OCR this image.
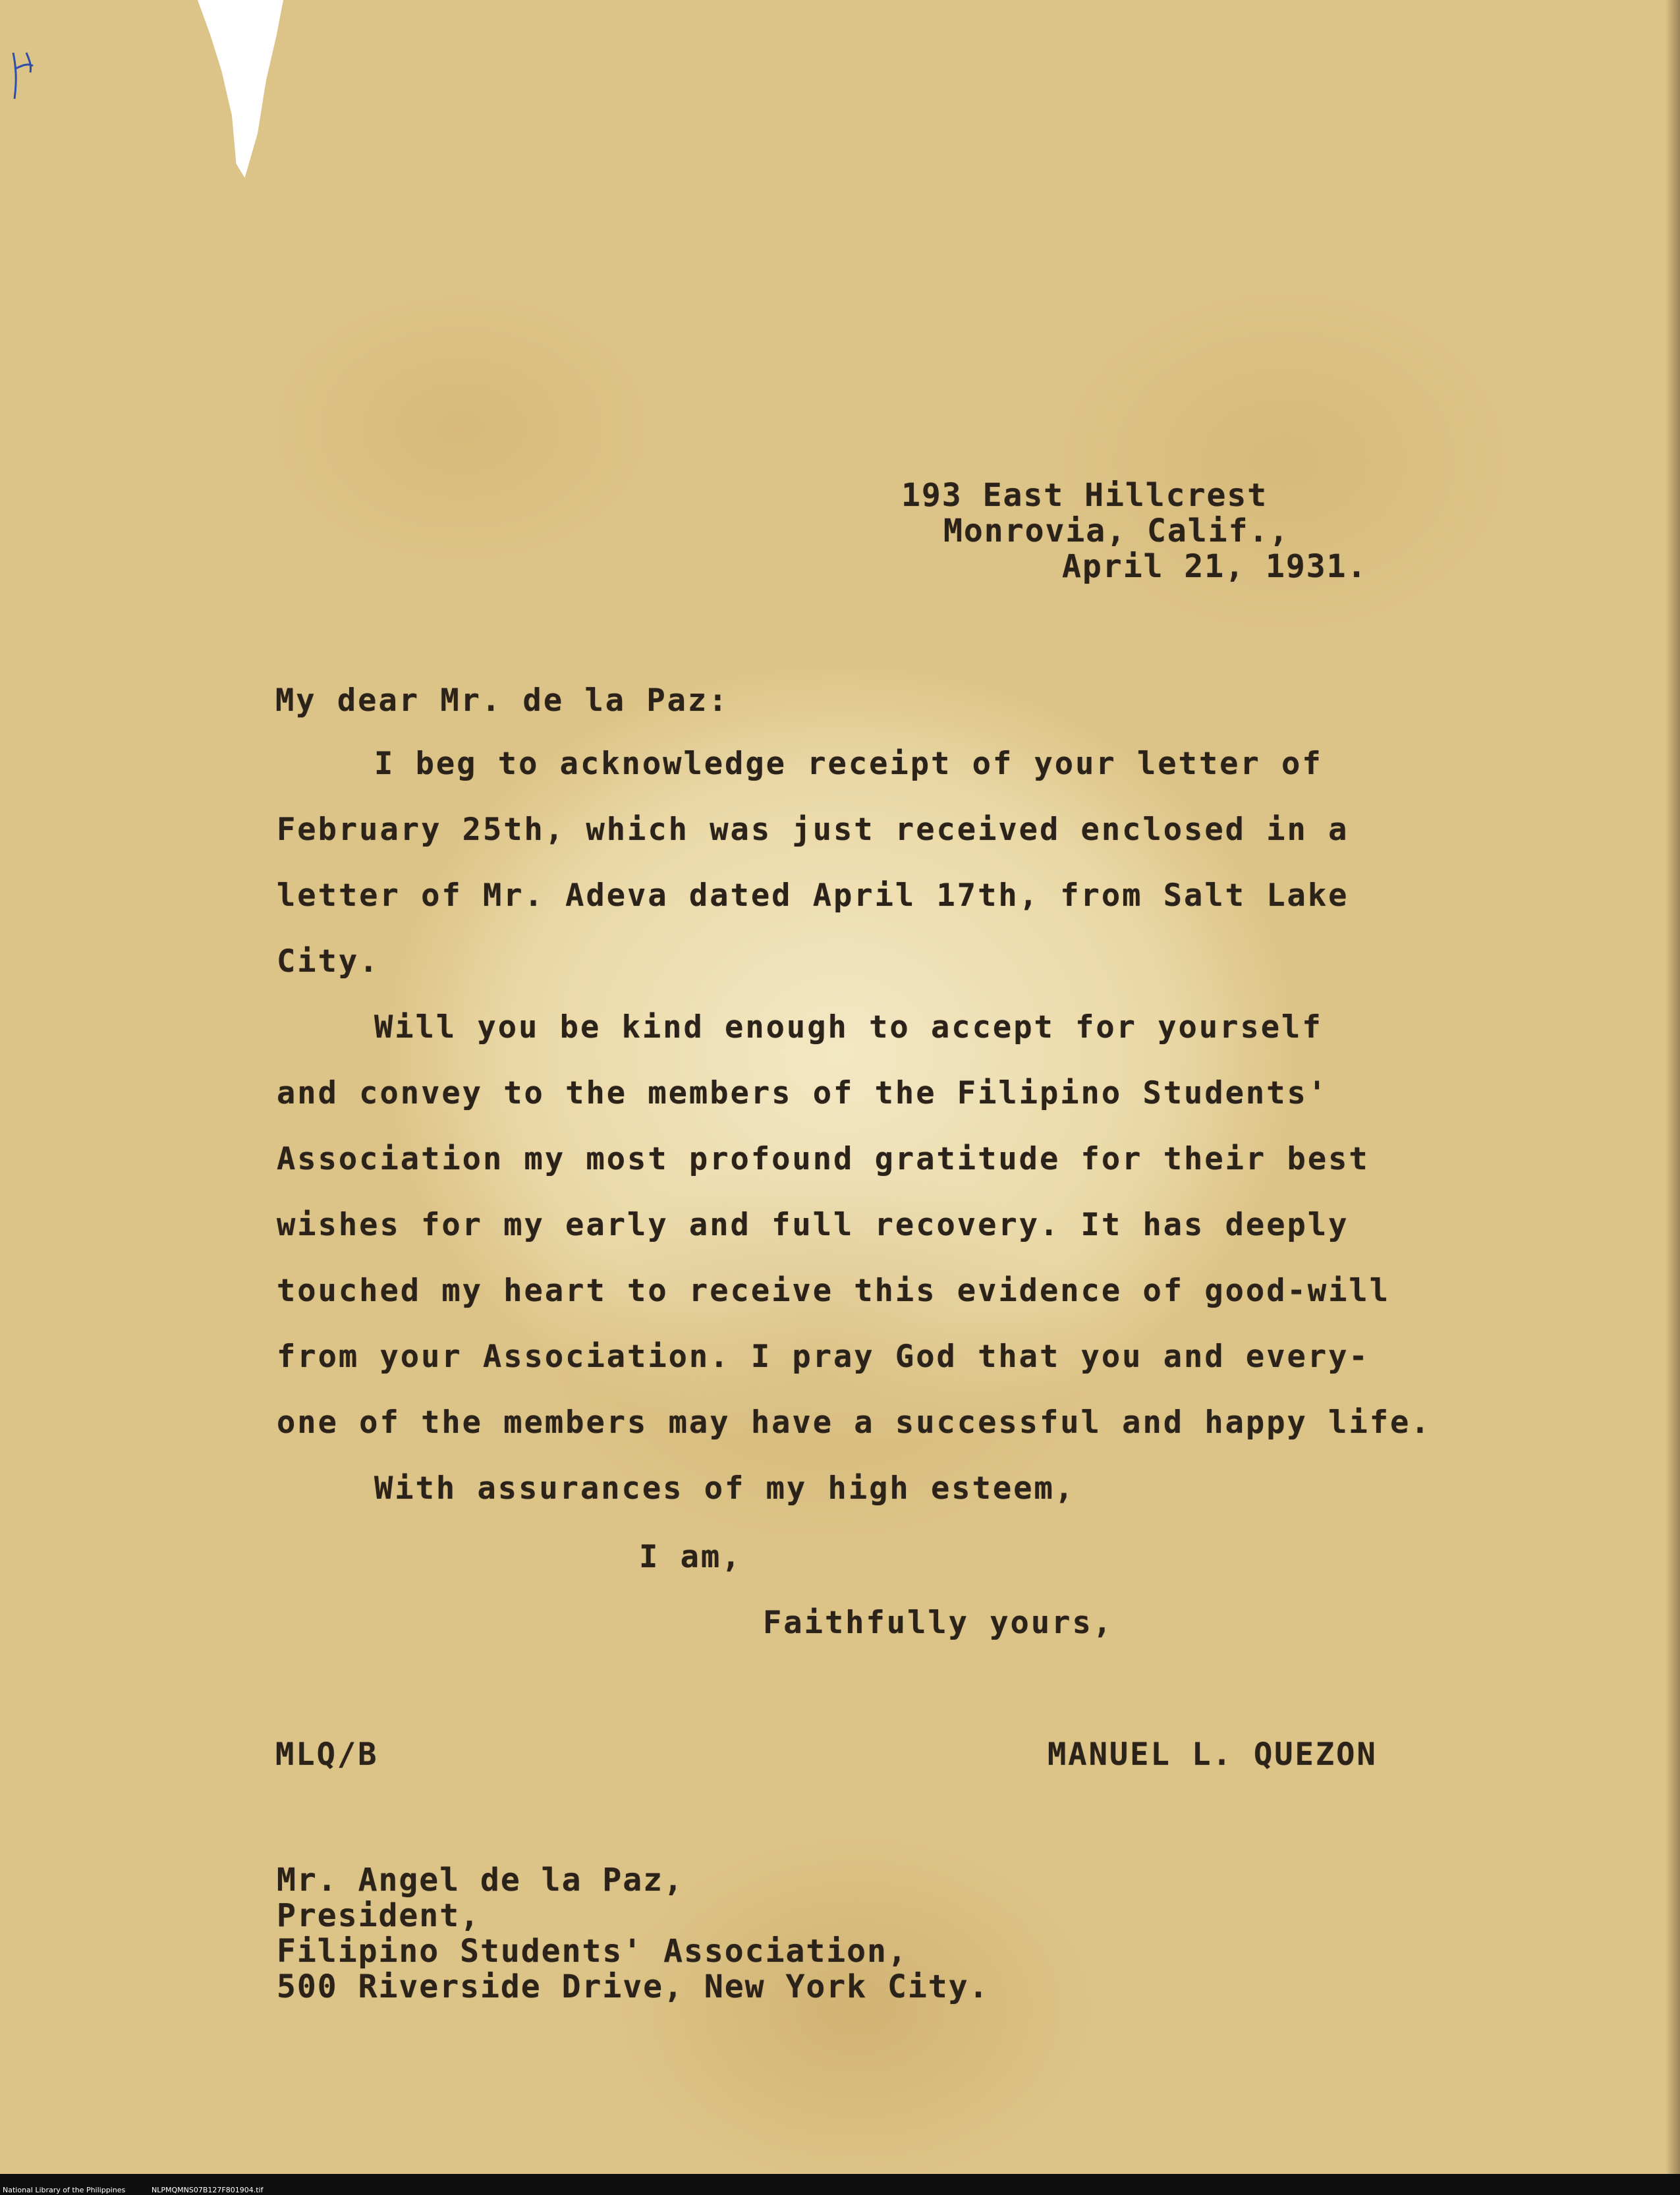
193 East Hillcrest
Monrovia, Calif.,
April 21, 1931.
My dear Mr. de la Paz:
I beg to acknowledge receipt of your letter of
February 25th, which was just received enclosed in a
letter of Mr. Adeva dated April 17th, from Salt Lake
City.
Will you be kind enough to accept for yourself
and convey to the members of the Filipino Students'
Association my most profound gratitude for their best
wishes for my early and full recovery. It has deeply
touched my heart to receive this evidence of good-will
from your Association. I pray God that you and every-
one of the members may have a successful and happy life.
With assurances of my high esteem,
I am,
Faithfully yours,
MLQ/B	MANUEL L. QUEZON
Mr. Angel de la Paz,
President,
Filipino Students' Association,
500 Riverside Drive, New York City.
National Library of the Philippines	NLPMQMNS07B127F801904.tif
